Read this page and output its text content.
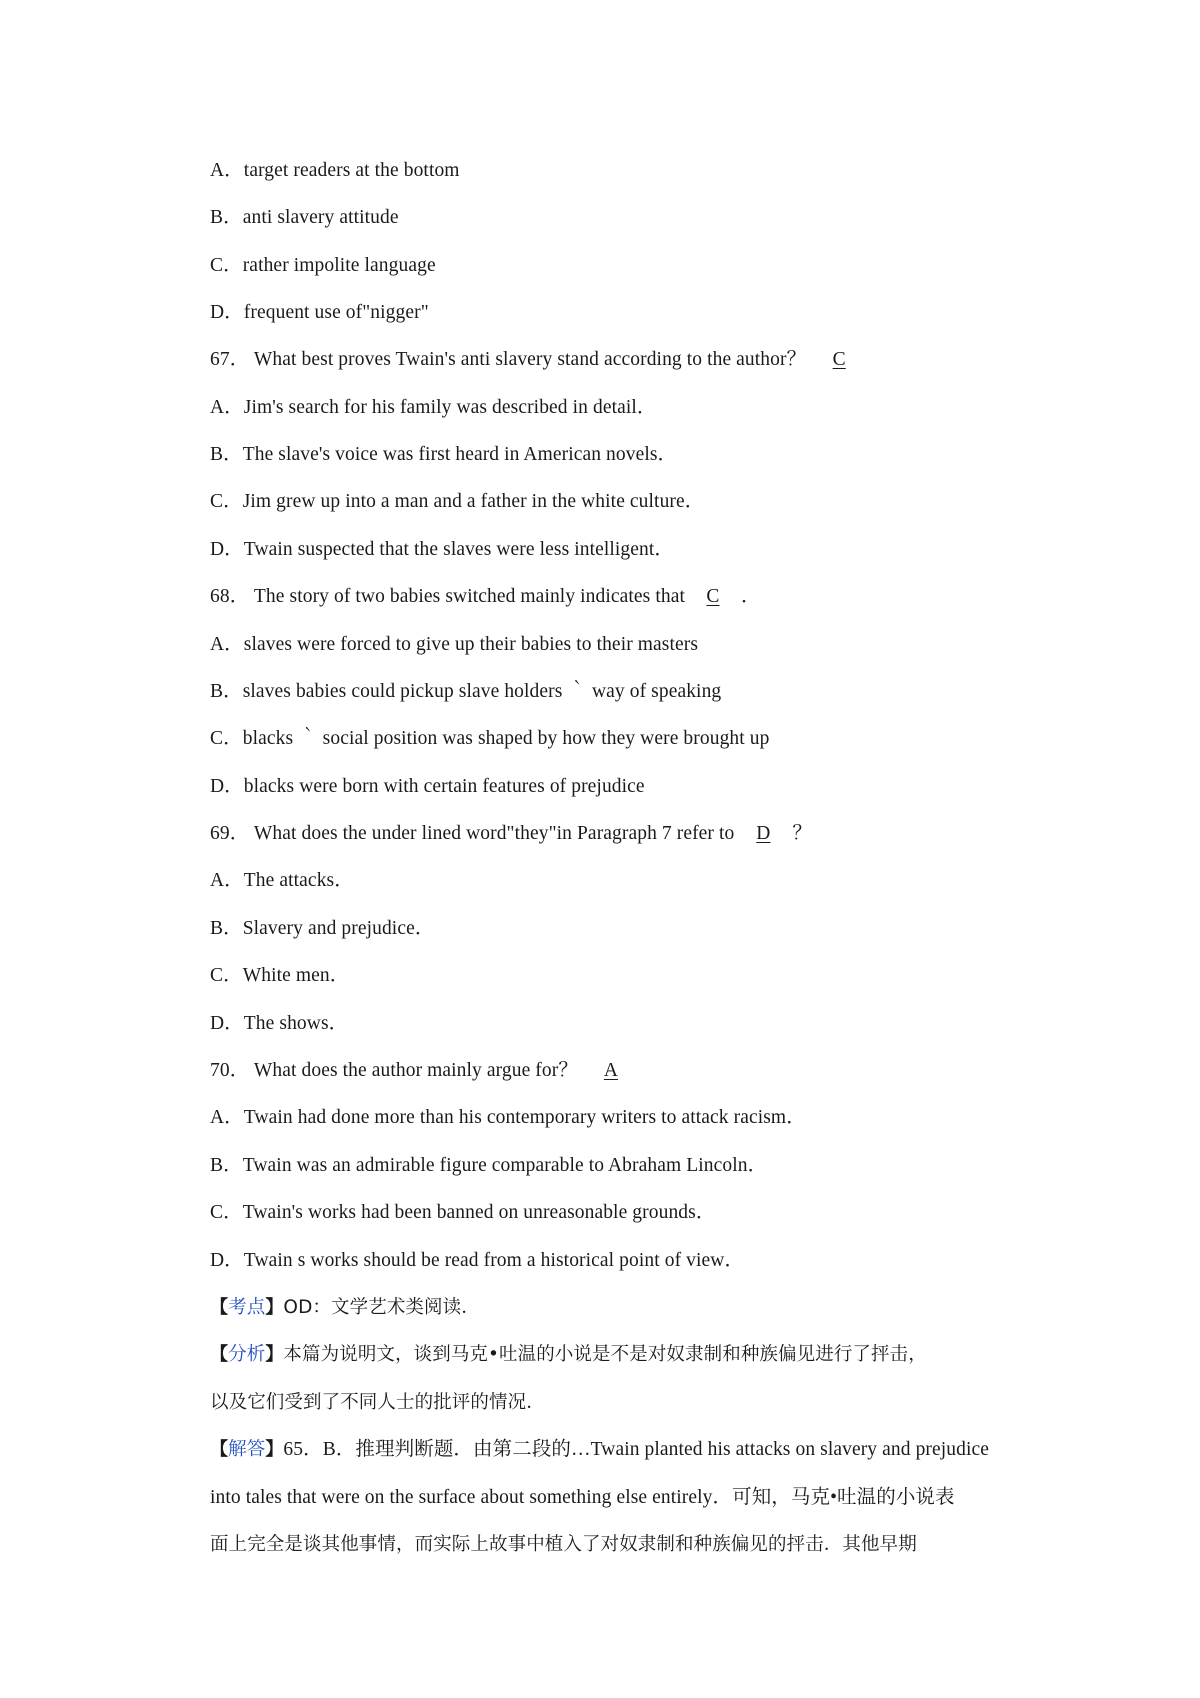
A．target readers at the bottom
B．anti slavery attitude
C．rather impolite language
D．frequent use of"nigger"
67． What best proves Twain's anti slavery stand according to the author？ C
A．Jim's search for his family was described in detail．
B．The slave's voice was first heard in American novels．
C．Jim grew up into a man and a father in the white culture．
D．Twain suspected that the slaves were less intelligent．
68． The story of two babies switched mainly indicates that C ．
A．slaves were forced to give up their babies to their masters
B．slaves babies could pickup slave holders ｀ way of speaking
C．blacks ｀ social position was shaped by how they were brought up
D．blacks were born with certain features of prejudice
69． What does the under lined word"they"in Paragraph 7 refer to D ？
A．The attacks．
B．Slavery and prejudice．
C．White men．
D．The shows．
70． What does the author mainly argue for？ A
A．Twain had done more than his contemporary writers to attack racism．
B．Twain was an admirable figure comparable to Abraham Lincoln．
C．Twain's works had been banned on unreasonable grounds．
D．Twain s works should be read from a historical point of view．
【考点】OD：文学艺术类阅读．
【分析】本篇为说明文，谈到马克•吐温的小说是不是对奴隶制和种族偏见进行了抨击，
以及它们受到了不同人士的批评的情况．
【解答】65．B．推理判断题．由第二段的…Twain planted his attacks on slavery and prejudice
into tales that were on the surface about something else entirely．可知，马克•吐温的小说表
面上完全是谈其他事情，而实际上故事中植入了对奴隶制和种族偏见的抨击．其他早期
